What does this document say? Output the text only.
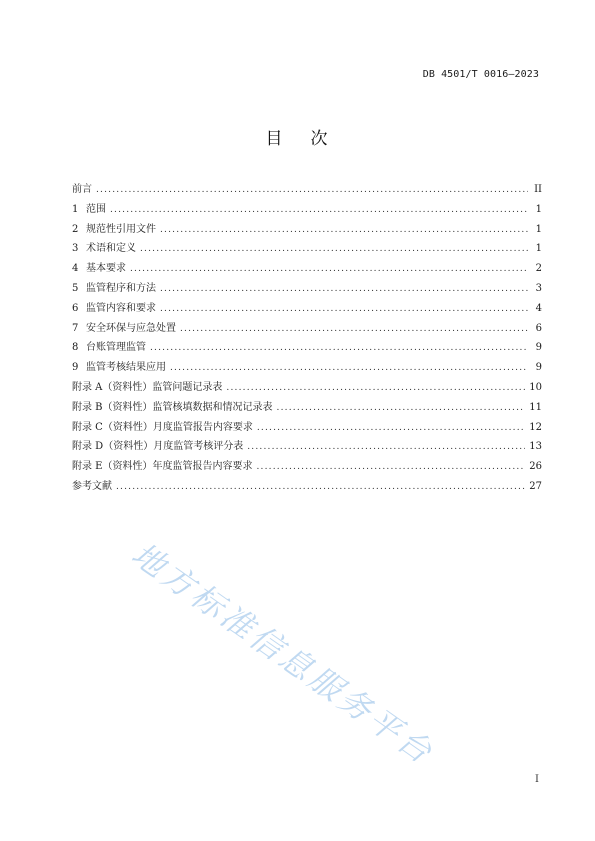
DB 4501/T 0016—2023
目 次
前言 .....	II
1 范围 .....	1
2 规范性引用文件 .....	1
3 术语和定义 .....	1
4 基本要求 .....	2
5 监管程序和方法 .....	3
6 监管内容和要求 .....	4
7 安全环保与应急处置 .....	6
8 台账管理监管 .....	9
9 监管考核结果应用 .....	9
附录 A（资料性） 监管问题记录表 .....	10
附录 B（资料性） 监管核填数据和情况记录表 .....	11
附录 C（资料性） 月度监管报告内容要求 .....	12
附录 D（资料性） 月度监管考核评分表 .....	13
附录 E（资料性） 年度监管报告内容要求 .....	26
参考文献 .....	27
地方标准信息服务平台
I
